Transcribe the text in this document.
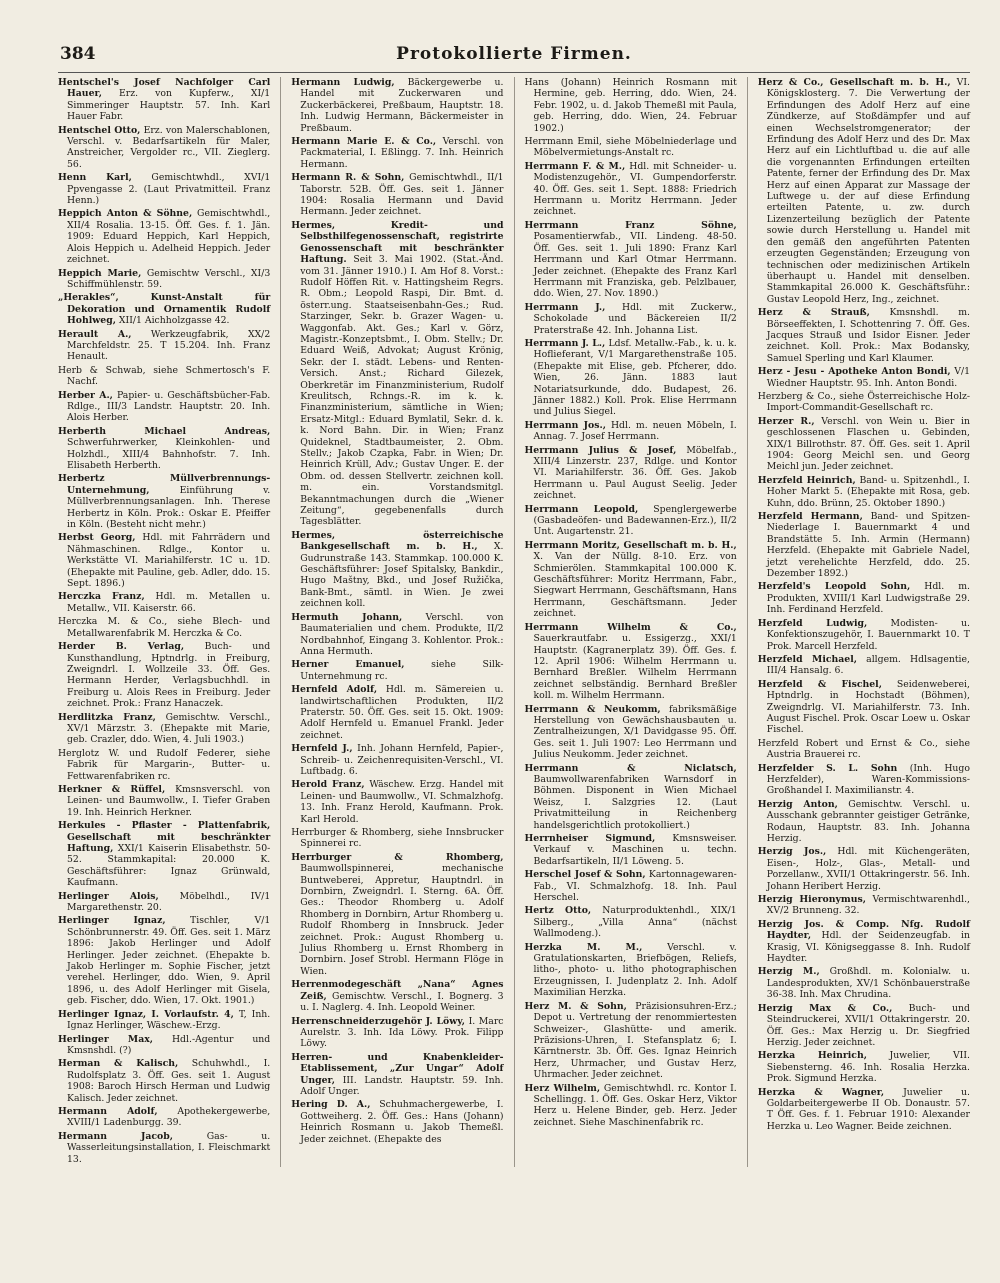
384	Protokollierte Firmen.
Hentschel's Josef Nachfolger Carl Hauer, Erz. von Kupferw., XI/1 Simmeringer Hauptstr. 57. Inh. Karl Hauer Fabr.
Hentschel Otto, Erz. von Malerschablonen, Verschl. v. Bedarfsartikeln für Maler, Anstreicher, Vergolder rc., VII. Zieglerg. 56.
Henn Karl, Gemischtwhdl., XVI/1 Ppvengasse 2. (Laut Privatmitteil. Franz Henn.)
Heppich Anton & Söhne, Gemischtwhdl., XII/4 Rosalia. 13-15. Öff. Ges. f. 1. Jän. 1909: Eduard Heppich, Karl Heppich, Alois Heppich u. Adelheid Heppich. Jeder zeichnet.
Heppich Marie, Gemischtw Verschl., XI/3 Schiffmühlenstr. 59.
„Herakles“, Kunst-Anstalt für Dekoration und Ornamentik Rudolf Hohlweg, XII/1 Aichholzgasse 42.
Herault A., Werkzeugfabrik, XX/2 Marchfeldstr. 25. T 15.204. Inh. Franz Henault.
Herb & Schwab, siehe Schmertosch's F. Nachf.
Herber A., Papier- u. Geschäftsbücher-Fab. Rdlge., III/3 Landstr. Hauptstr. 20. Inh. Alois Herber.
Herberth Michael Andreas, Schwerfuhrwerker, Kleinkohlen- und Holzhdl., XIII/4 Bahnhofstr. 7. Inh. Elisabeth Herberth.
Herbertz Müllverbrennungs-Unternehmung,	Einführung v. Müllverbrennungsanlagen. Inh. Therese Herbertz in Köln. Prok.: Oskar E. Pfeiffer in Köln. (Besteht nicht mehr.)
Herbst Georg, Hdl. mit Fahrrädern und Nähmaschinen. Rdlge., Kontor u. Werkstätte VI. Mariahilferstr. 1C u. 1D. (Ehepakte mit Pauline, geb. Adler, ddo. 15. Sept. 1896.)
Herczka Franz, Hdl. m. Metallen u. Metallw., VII. Kaiserstr. 66.
Herczka M. & Co., siehe Blech- und Metallwarenfabrik M. Herczka & Co.
Herder B. Verlag, Buch- und Kunsthandlung, Hptndrlg. in Freiburg, Zweigndrl. I. Wollzeile 33. Öff. Ges. Hermann Herder, Verlagsbuchhdl. in Freiburg u. Alois Rees in Freiburg. Jeder zeichnet. Prok.: Franz Hanaczek.
Herdlitzka Franz, Gemischtw. Verschl., XV/1 Märzstr. 3. (Ehepakte mit Marie, geb. Crazler, ddo. Wien, 4. Juli 1903.)
Herglotz W. und Rudolf Federer, siehe Fabrik für Margarin-, Butter- u. Fettwarenfabriken rc.
Herkner & Rüffel, Kmsnsverschl. von Leinen- und Baumwollw., I. Tiefer Graben 19. Inh. Heinrich Herkner.
Herkules - Pflaster - Plattenfabrik, Gesellschaft mit beschränkter Haftung, XXI/1 Kaiserin Elisabethstr. 50-52. Stammkapital: 20.000 K. Geschäftsführer: Ignaz Grünwald, Kaufmann.
Herlinger Alois, Möbelhdl., IV/1 Margarethenstr. 20.
Herlinger Ignaz,	Tischler, V/1 Schönbrunnerstr. 49. Öff. Ges. seit 1. März 1896: Jakob Herlinger und Adolf Herlinger. Jeder zeichnet. (Ehepakte b. Jakob Herlinger m. Sophie Fischer, jetzt verehel. Herlinger, ddo. Wien, 9. April 1896, u. des Adolf Herlinger mit Gisela, geb. Fischer, ddo. Wien, 17. Okt. 1901.)
Herlinger Ignaz, I. Vorlaufstr. 4, T, Inh. Ignaz Herlinger, Wäschew.-Erzg.
Herlinger Max, Hdl.-Agentur und Kmsnshdl. (?)
Herman & Kalisch, Schuhwhdl., I. Rudolfsplatz 3. Öff. Ges. seit 1. August 1908: Baroch Hirsch Herman und Ludwig Kalisch. Jeder zeichnet.
Hermann Adolf, Apothekergewerbe, XVIII/1 Ladenburgg. 39.
Hermann Jacob,	Gas- u. Wasserleitungsinstallation, I. Fleischmarkt 13.
Hermann Ludwig, Bäckergewerbe u. Handel mit Zuckerwaren und Zuckerbäckerei, Preßbaum, Hauptstr. 18. Inh. Ludwig Hermann, Bäckermeister in Preßbaum.
Hermann Marie E. & Co., Verschl. von Packmaterial, I. Eßlingg. 7. Inh. Heinrich Hermann.
Hermann R. & Sohn, Gemischtwhdl., II/1 Taborstr. 52B. Öff. Ges. seit 1. Jänner 1904: Rosalia Hermann und David Hermann. Jeder zeichnet.
Hermes, Kredit- und Selbsthilfegenossenschaft, registrirte Genossenschaft mit beschränkter Haftung. Seit 3. Mai 1902. (Stat.-Änd. vom 31. Jänner 1910.) I. Am Hof 8. Vorst.: Rudolf Höffen Rit. v. Hattingsheim Regrs. R. Obm.; Leopold Raspi, Dir. Bmt. d. österr.ung. Staatseisenbahn-Ges.; Rud. Starzinger, Sekr. b. Grazer Wagen- u. Waggonfab. Akt. Ges.; Karl v. Görz, Magistr.-Konzeptsbmt., I. Obm. Stellv.; Dr. Eduard Weiß, Advokat; August Krönig, Sekr. der I. städt. Lebens- und Renten-Versich. Anst.; Richard Gilezek, Oberkretär im Finanzministerium, Rudolf Kreulitsch, Rchngs.-R. im k. k. Finanzministerium, sämtliche in Wien; Ersatz-Mitgl.: Eduard Bymlatil, Sekr. d. k. k. Nord Bahn. Dir. in Wien; Franz Quideknel, Stadtbaumeister, 2. Obm. Stellv.; Jakob Czapka, Fabr. in Wien; Dr. Heinrich Krüll, Adv.; Gustav Unger. E. der Obm. od. dessen Stellvertr. zeichnen koll. m. ein. Vorstandsmitgl. Bekanntmachungen durch die „Wiener Zeitung“, gegebenenfalls durch Tagesblätter.
Hermes, österreichische Bankgesellschaft m. b. H., X. Gudrunstraße 143. Stammkap. 100.000 K. Geschäftsführer: Josef Spitalsky, Bankdir., Hugo Maštny, Bkd., und Josef Ružička, Bank-Bmt., sämtl. in Wien. Je zwei zeichnen koll.
Hermuth Johann,	Verschl. von Baumaterialien und chem. Produkte, II/2 Nordbahnhof, Eingang 3. Kohlentor. Prok.: Anna Hermuth.
Herner Emanuel,	siehe Silk-Unternehmung rc.
Hernfeld Adolf, Hdl. m. Sämereien u. landwirtschaftlichen Produkten, II/2 Praterstr. 50. Öff. Ges. seit 15. Okt. 1909: Adolf Hernfeld u. Emanuel Frankl. Jeder zeichnet.
Hernfeld J., Inh. Johann Hernfeld, Papier-, Schreib- u. Zeichenrequisiten-Verschl., VI. Luftbadg. 6.
Herold Franz, Wäschew. Erzg. Handel mit Leinen- und Baumwollw., VI. Schmalzhofg. 13. Inh. Franz Herold, Kaufmann. Prok. Karl Herold.
Herrburger & Rhomberg, siehe Innsbrucker Spinnerei rc.
Herrburger & Rhomberg, Baumwollspinnerei, mechanische Buntweberei, Appretur, Hauptndrl. in Dornbirn, Zweigndrl. I. Sterng. 6A. Öff. Ges.: Theodor Rhomberg u. Adolf Rhomberg in Dornbirn, Artur Rhomberg u. Rudolf Rhomberg in Innsbruck. Jeder zeichnet. Prok.: August Rhomberg u. Julius Rhomberg u. Ernst Rhomberg in Dornbirn. Josef Strobl. Hermann Flöge in Wien.
Herrenmodegeschäft „Nana“ Agnes Zeiß, Gemischtw. Verschl., I. Bognerg. 3 u. I. Naglerg. 4. Inh. Leopold Weiner.
Herrenschneiderzugehör J. Löwy, I. Marc Aurelstr. 3. Inh. Ida Löwy. Prok. Filipp Löwy.
Herren- und Knabenkleider-Etablissement, „Zur Ungar“ Adolf Unger, III. Landstr. Hauptstr. 59. Inh. Adolf Unger.
Hering D. A., Schuhmachergewerbe, I. Gottweiherg. 2. Öff. Ges.: Hans (Johann) Heinrich Rosmann u. Jakob Themeßl. Jeder zeichnet. (Ehepakte des
Hans (Johann) Heinrich Rosmann mit Hermine, geb. Herring, ddo. Wien, 24. Febr. 1902, u. d. Jakob Themeßl mit Paula, geb. Herring, ddo. Wien, 24. Februar 1902.)
Herrmann Emil, siehe Möbelniederlage und Möbelvermietungs-Anstalt rc.
Herrmann F. & M., Hdl. mit Schneider- u. Modistenzugehör., VI. Gumpendorferstr. 40. Öff. Ges. seit 1. Sept. 1888: Friedrich Herrmann u. Moritz Herrmann. Jeder zeichnet.
Herrmann Franz Söhne, Posamentierwfab., VII. Lindeng. 48-50. Öff. Ges. seit 1. Juli 1890: Franz Karl Herrmann und Karl Otmar Herrmann. Jeder zeichnet. (Ehepakte des Franz Karl Herrmann mit Franziska, geb. Pelzlbauer, ddo. Wien, 27. Nov. 1890.)
Herrmann J., Hdl. mit Zuckerw., Schokolade und Bäckereien II/2 Praterstraße 42. Inh. Johanna List.
Herrmann J. L., Ldsf. Metallw.-Fab., k. u. k. Hoflieferant, V/1 Margarethenstraße 105. (Ehepakte mit Elise, geb. Pfcherer, ddo. Wien, 26. Jänn. 1883 laut Notariatsurkunde, ddo. Budapest, 26. Jänner 1882.) Koll. Prok. Elise Herrmann und Julius Siegel.
Herrmann Jos., Hdl. m. neuen Möbeln, I. Annag. 7. Josef Herrmann.
Herrmann Julius & Josef, Möbelfab., XIII/4 Linzerstr. 237, Rdlge. und Kontor VI. Mariahilferstr. 36. Öff. Ges. Jakob Herrmann u. Paul August Seelig. Jeder zeichnet.
Herrmann Leopold, Spenglergewerbe (Gasbadeöfen- und Badewannen-Erz.), II/2 Unt. Augartenstr. 21.
Herrmann Moritz, Gesellschaft m. b. H., X. Van der Nüllg. 8-10. Erz. von Schmierölen. Stammkapital 100.000 K. Geschäftsführer: Moritz Herrmann, Fabr., Siegwart Herrmann, Geschäftsmann, Hans Herrmann, Geschäftsmann. Jeder zeichnet.
Herrmann Wilhelm & Co., Sauerkrautfabr. u. Essigerzg., XXI/1 Hauptstr. (Kagranerplatz 39). Öff. Ges. f. 12. April 1906: Wilhelm Herrmann u. Bernhard Breßler. Wilhelm Herrmann zeichnet selbständig. Bernhard Breßler koll. m. Wilhelm Herrmann.
Herrmann & Neukomm, fabriksmäßige Herstellung von Gewächshausbauten u. Zentralheizungen, X/1 Davidgasse 95. Öff. Ges. seit 1. Juli 1907: Leo Herrmann und Julius Neukomm. Jeder zeichnet.
Herrmann & Niclatsch, Baumwollwarenfabriken Warnsdorf in Böhmen. Disponent in Wien Michael Weisz, I. Salzgries 12. (Laut Privatmitteilung in Reichenberg handelsgerichtlich protokolliert.)
Herrnheiser Sigmund, Kmsnsweiser. Verkauf v. Maschinen u. techn. Bedarfsartikeln, II/1 Löweng. 5.
Herschel Josef & Sohn, Kartonnagewaren-Fab., VI. Schmalzhofg. 18. Inh. Paul Herschel.
Hertz Otto, Naturproduktenhdl., XIX/1 Silberg., „Villa Anna“ (nächst Wallmodeng.).
Herzka M. M.,	Verschl. v. Gratulationskarten, Briefbögen, Reliefs, litho-, photo- u. litho photographischen Erzeugnissen, I. Judenplatz 2. Inh. Adolf Maximilian Herzka.
Herz M. & Sohn, Präzisionsuhren-Erz.; Depot u. Vertretung der renommiertesten Schweizer-, Glashütte- und amerik. Präzisions-Uhren, I. Stefansplatz 6; I. Kärntnerstr. 3b. Öff. Ges. Ignaz Heinrich Herz, Uhrmacher, und Gustav Herz, Uhrmacher. Jeder zeichnet.
Herz Wilhelm, Gemischtwhdl. rc. Kontor I. Schellingg. 1. Öff. Ges. Oskar Herz, Viktor Herz u. Helene Binder, geb. Herz. Jeder zeichnet. Siehe Maschinenfabrik rc.
Herz & Co., Gesellschaft m. b. H., VI. Königsklosterg. 7. Die Verwertung der Erfindungen des Adolf Herz auf eine Zündkerze, auf Stoßdämpfer und auf einen Wechselstromgenerator; der Erfindung des Adolf Herz und des Dr. Max Herz auf ein Lichtluftbad u. die auf alle die vorgenannten Erfindungen erteilten Patente, ferner der Erfindung des Dr. Max Herz auf einen Apparat zur Massage der Luftwege u. der auf diese Erfindung erteilten Patente, u. zw. durch Lizenzerteilung bezüglich der Patente sowie durch Herstellung u. Handel mit den gemäß den angeführten Patenten erzeugten Gegenständen; Erzeugung von technischen oder medizinischen Artikeln überhaupt u. Handel mit denselben. Stammkapital 26.000 K. Geschäftsführ.: Gustav Leopold Herz, Ing., zeichnet.
Herz & Strauß, Kmsnshdl. m. Börseeffekten, I. Schottenring 7. Öff. Ges. Jacques Strauß und Isidor Eisner. Jeder zeichnet. Koll. Prok.: Max Bodansky, Samuel Sperling und Karl Klaumer.
Herz - Jesu - Apotheke Anton Bondi, V/1 Wiedner Hauptstr. 95. Inh. Anton Bondi.
Herzberg & Co., siehe Österreichische Holz-Import-Commandit-Gesellschaft rc.
Herzer R., Verschl. von Wein u. Bier in geschlossenen Flaschen u. Gebinden, XIX/1 Billrothstr. 87. Öff. Ges. seit 1. April 1904: Georg Meichl sen. und Georg Meichl jun. Jeder zeichnet.
Herzfeld Heinrich, Band- u. Spitzenhdl., I. Hoher Markt 5. (Ehepakte mit Rosa, geb. Kuhn, ddo. Brünn, 25. Oktober 1890.)
Herzfeld Hermann, Band- und Spitzen-Niederlage I. Bauernmarkt 4 und Brandstätte 5. Inh. Armin (Hermann) Herzfeld. (Ehepakte mit Gabriele Nadel, jetzt verehelichte Herzfeld, ddo. 25. Dezember 1892.)
Herzfeld's Leopold Sohn, Hdl. m. Produkten, XVIII/1 Karl Ludwigstraße 29. Inh. Ferdinand Herzfeld.
Herzfeld Ludwig,	Modisten- u. Konfektionszugehör, I. Bauernmarkt 10. T Prok. Marcell Herzfeld.
Herzfeld Michael, allgem. Hdlsagentie, III/4 Hansalg. 6.
Herzfeld & Fischel, Seidenweberei, Hptndrlg. in Hochstadt (Böhmen), Zweigndrlg. VI. Mariahilferstr. 73. Inh. August Fischel. Prok. Oscar Loew u. Oskar Fischel.
Herzfeld Robert und Ernst & Co., siehe Austria Brauerei rc.
Herzfelder S. L. Sohn (Inh. Hugo Herzfelder), Waren-Kommissions-Großhandel I. Maximilianstr. 4.
Herzig Anton, Gemischtw. Verschl. u. Ausschank gebrannter geistiger Getränke, Rodaun, Hauptstr. 83. Inh. Johanna Herzig.
Herzig Jos., Hdl. mit Küchengeräten, Eisen-, Holz-, Glas-, Metall- und Porzellanw., XVII/1 Ottakringerstr. 56. Inh. Johann Heribert Herzig.
Herzig Hieronymus, Vermischtwarenhdl., XV/2 Brunneng. 32.
Herzig Jos. & Comp. Nfg. Rudolf Haydter, Hdl. der Seidenzeugfab. in Krasig, VI. Königseggasse 8. Inh. Rudolf Haydter.
Herzig M., Großhdl. m. Kolonialw. u. Landesprodukten, XV/1 Schönbauerstraße 36-38. Inh. Max Chrudina.
Herzig Max & Co., Buch- und Steindruckerei, XVII/1 Ottakringerstr. 20. Öff. Ges.: Max Herzig u. Dr. Siegfried Herzig. Jeder zeichnet.
Herzka Heinrich, Juwelier, VII. Siebensterng. 46. Inh. Rosalia Herzka. Prok. Sigmund Herzka.
Herzka & Wagner, Juwelier u. Goldarbeitergewerbe II Ob. Donaustr. 57. T Öff. Ges. f. 1. Februar 1910: Alexander Herzka u. Leo Wagner. Beide zeichnen.
